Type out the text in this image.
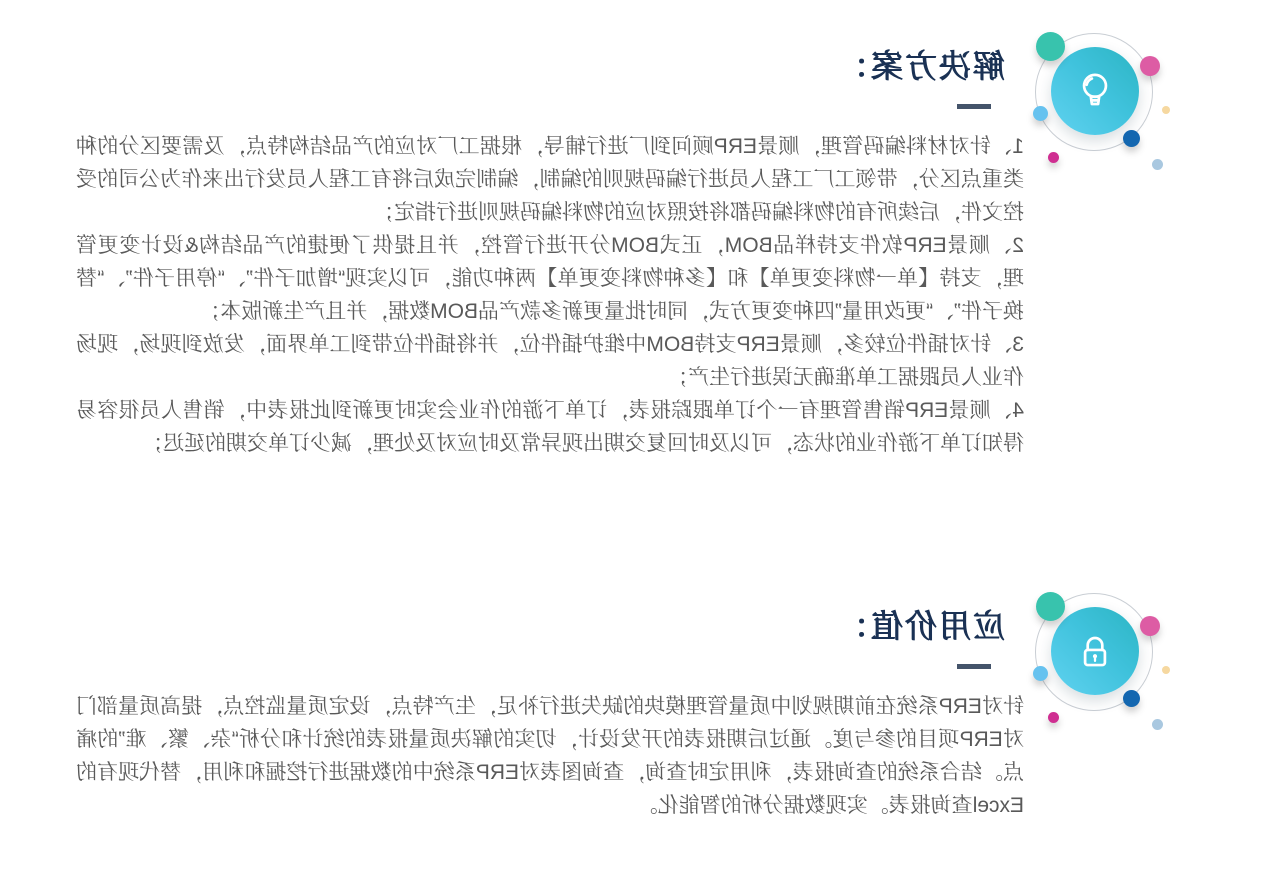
解决方案：

1、针对材料编码管理，顺景ERP顾问到厂进行辅导，根据工厂对应的产品结构特点，及需要区分的种类重点区分，带领工厂工程人员进行编码规则的编制，编制完成后将有工程人员发行出来作为公司的受控文件，后续所有的物料编码都将按照对应的物料编码规则进行指定；

2、顺景ERP软件支持样品BOM，正式BOM分开进行管控，并且提供了便捷的产品结构&设计变更管理，支持【单一物料变更单】和【多种物料变更单】两种功能，可以实现“增加子件”、“停用子件”、“替换子件”、“更改用量”四种变更方式，同时批量更新多款产品BOM数据，并且产生新版本；

3、针对插件位较多，顺景ERP支持BOM中维护插件位，并将插件位带到工单界面，发放到现场，现场作业人员跟据工单准确无误进行生产；

4、顺景ERP销售管理有一个订单跟踪报表，订单下游的作业会实时更新到此报表中，销售人员很容易得知订单下游作业的状态，可以及时回复交期出现异常及时应对及处理，减少订单交期的延迟；

应用价值：

针对ERP系统在前期规划中质量管理模块的缺失进行补足，生产特点，设定质量监控点，提高质量部门对ERP项目的参与度。通过后期报表的开发设计，切实的解决质量报表的统计和分析“杂、繁、难”的痛点。结合系统的查询报表，利用定时查询，查询图表对ERP系统中的数据进行挖掘和利用，替代现有的Excel查询报表。实现数据分析的智能化。
